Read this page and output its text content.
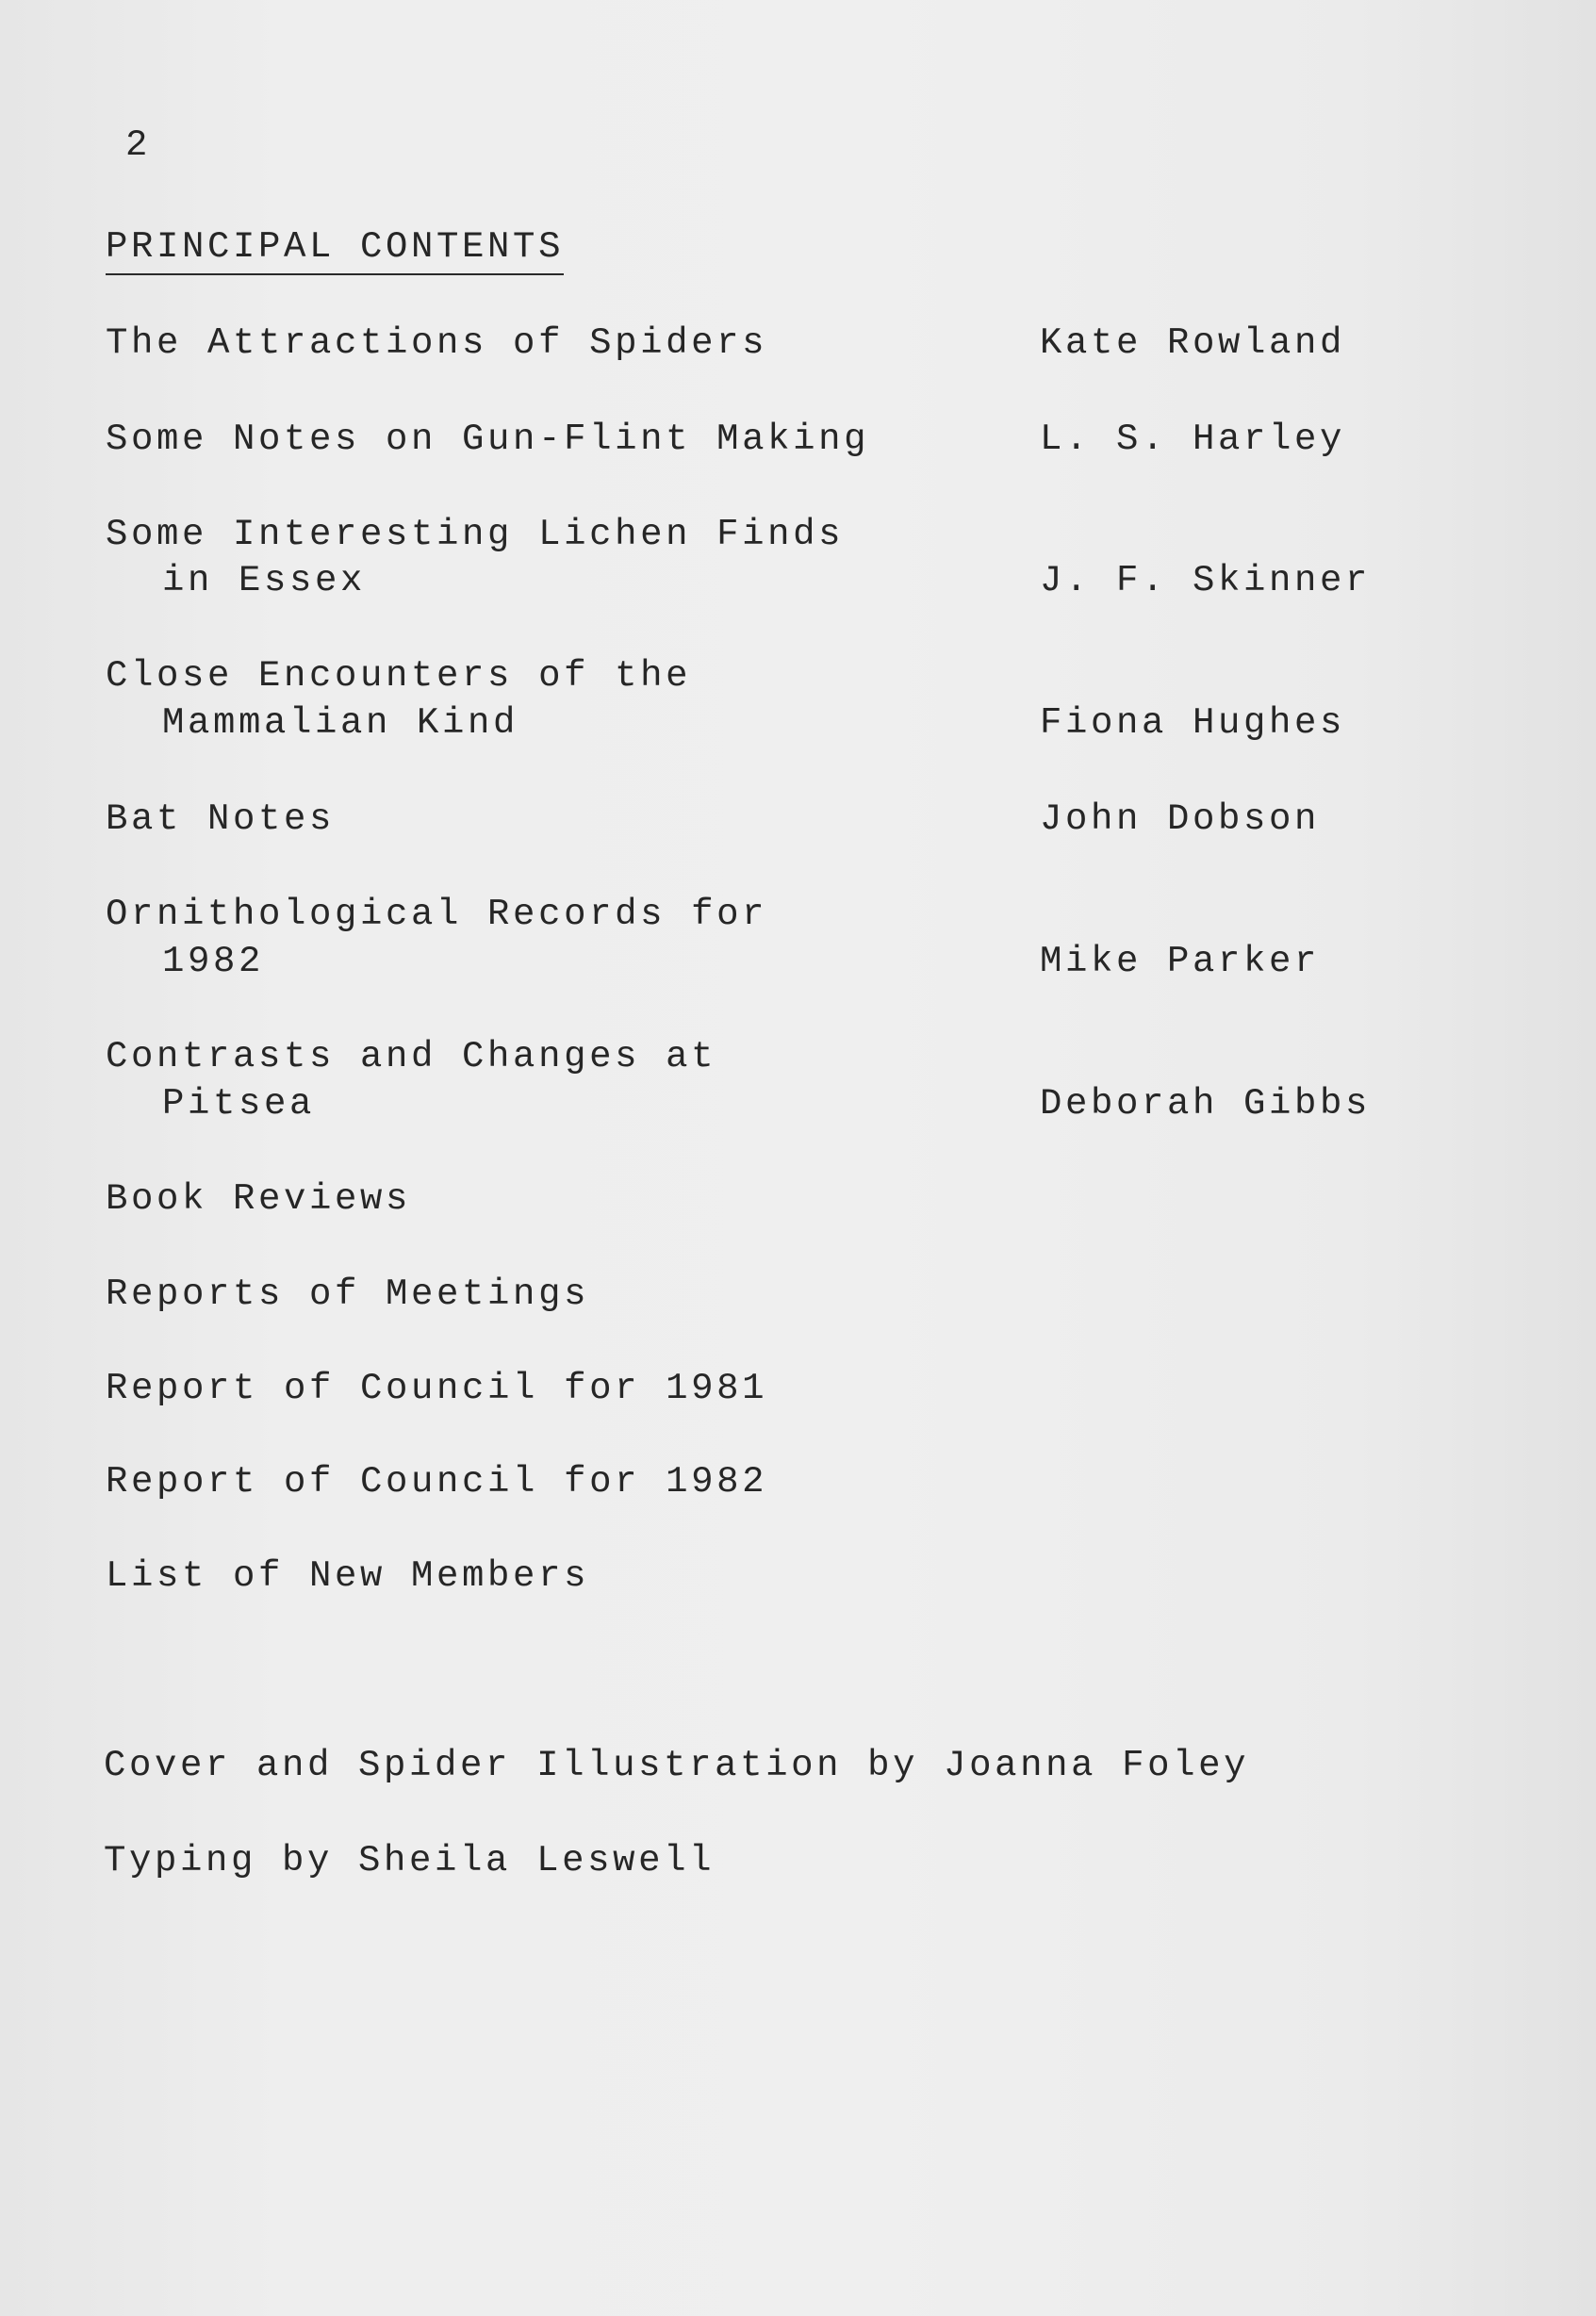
2
PRINCIPAL CONTENTS
The Attractions of Spiders	Kate Rowland
Some Notes on Gun-Flint Making	L. S. Harley
Some Interesting Lichen Finds
in Essex	J. F. Skinner
Close Encounters of the
Mammalian Kind	Fiona Hughes
Bat Notes	John Dobson
Ornithological Records for
1982	Mike Parker
Contrasts and Changes at
Pitsea	Deborah Gibbs
Book Reviews
Reports of Meetings
Report of Council for 1981
Report of Council for 1982
List of New Members
Cover and Spider Illustration by Joanna Foley
Typing by Sheila Leswell
